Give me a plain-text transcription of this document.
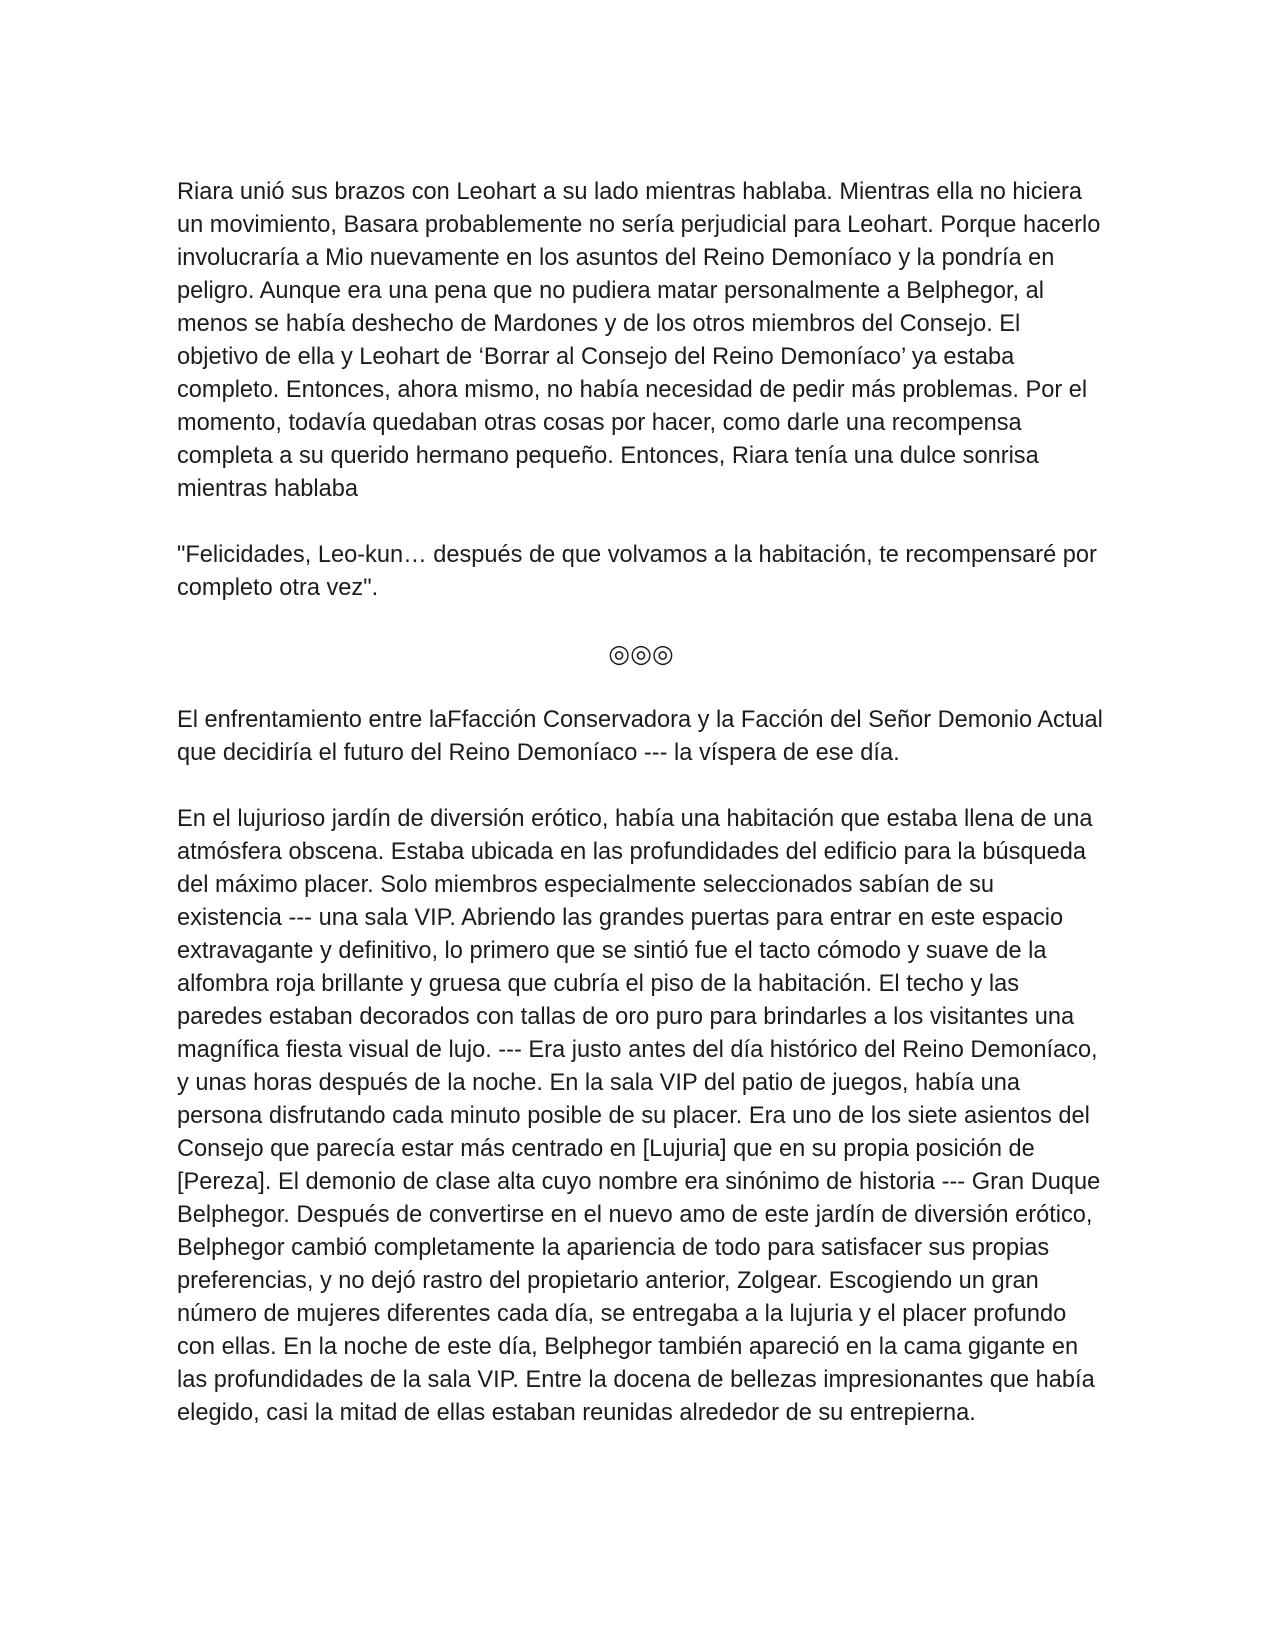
Riara unió sus brazos con Leohart a su lado mientras hablaba. Mientras ella no hiciera un movimiento, Basara probablemente no sería perjudicial para Leohart. Porque hacerlo involucraría a Mio nuevamente en los asuntos del Reino Demoníaco y la pondría en peligro. Aunque era una pena que no pudiera matar personalmente a Belphegor, al menos se había deshecho de Mardones y de los otros miembros del Consejo. El objetivo de ella y Leohart de ‘Borrar al Consejo del Reino Demoníaco’ ya estaba completo. Entonces, ahora mismo, no había necesidad de pedir más problemas. Por el momento, todavía quedaban otras cosas por hacer, como darle una recompensa completa a su querido hermano pequeño. Entonces, Riara tenía una dulce sonrisa mientras hablaba

"Felicidades, Leo-kun… después de que volvamos a la habitación, te recompensaré por completo otra vez".

◎◎◎

El enfrentamiento entre laFfacción Conservadora y la Facción del Señor Demonio Actual que decidiría el futuro del Reino Demoníaco --- la víspera de ese día.

En el lujurioso jardín de diversión erótico, había una habitación que estaba llena de una atmósfera obscena. Estaba ubicada en las profundidades del edificio para la búsqueda del máximo placer. Solo miembros especialmente seleccionados sabían de su existencia --- una sala VIP. Abriendo las grandes puertas para entrar en este espacio extravagante y definitivo, lo primero que se sintió fue el tacto cómodo y suave de la alfombra roja brillante y gruesa que cubría el piso de la habitación. El techo y las paredes estaban decorados con tallas de oro puro para brindarles a los visitantes una magnífica fiesta visual de lujo. --- Era justo antes del día histórico del Reino Demoníaco, y unas horas después de la noche. En la sala VIP del patio de juegos, había una persona disfrutando cada minuto posible de su placer. Era uno de los siete asientos del Consejo que parecía estar más centrado en [Lujuria] que en su propia posición de [Pereza]. El demonio de clase alta cuyo nombre era sinónimo de historia --- Gran Duque Belphegor. Después de convertirse en el nuevo amo de este jardín de diversión erótico, Belphegor cambió completamente la apariencia de todo para satisfacer sus propias preferencias, y no dejó rastro del propietario anterior, Zolgear. Escogiendo un gran número de mujeres diferentes cada día, se entregaba a la lujuria y el placer profundo con ellas. En la noche de este día, Belphegor también apareció en la cama gigante en las profundidades de la sala VIP. Entre la docena de bellezas impresionantes que había elegido, casi la mitad de ellas estaban reunidas alrededor de su entrepierna.
